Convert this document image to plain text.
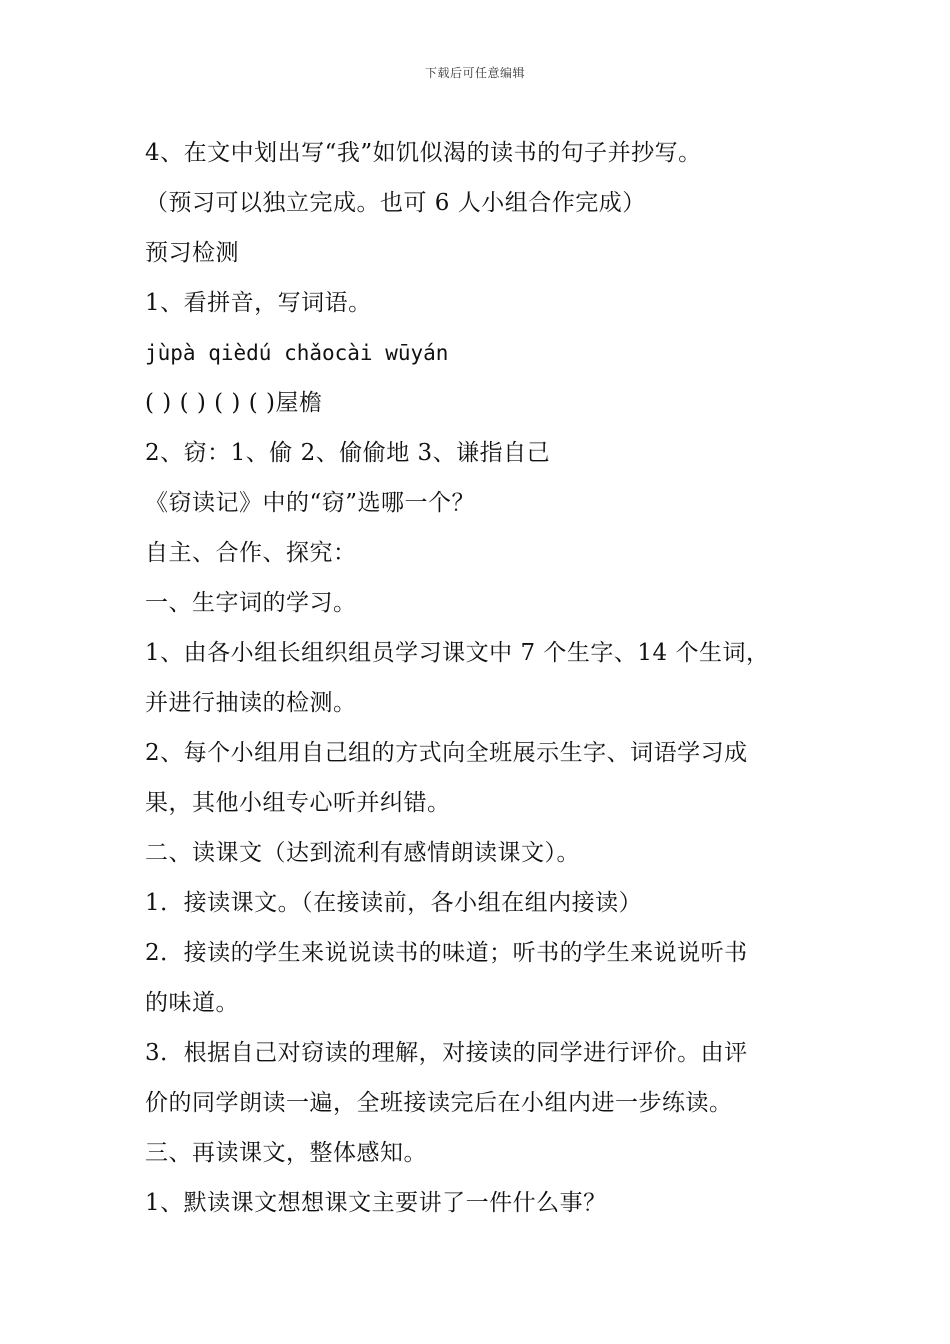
下载后可任意编辑
4、在文中划出写“我”如饥似渴的读书的句子并抄写。
（预习可以独立完成。也可 6 人小组合作完成）
预习检测
1、看拼音，写词语。
jùpà qièdú chǎocài wūyán
( ) ( ) ( ) ( )屋檐
2、窃：1、偷 2、偷偷地 3、谦指自己
《窃读记》中的“窃”选哪一个？
自主、合作、探究：
一、生字词的学习。
1、由各小组长组织组员学习课文中 7 个生字、14 个生词，
并进行抽读的检测。
2、每个小组用自己组的方式向全班展示生字、词语学习成
果，其他小组专心听并纠错。
二、读课文（达到流利有感情朗读课文）。
1．接读课文。（在接读前，各小组在组内接读）
2．接读的学生来说说读书的味道；听书的学生来说说听书
的味道。
3．根据自己对窃读的理解，对接读的同学进行评价。由评
价的同学朗读一遍，全班接读完后在小组内进一步练读。
三、再读课文，整体感知。
1、默读课文想想课文主要讲了一件什么事？
